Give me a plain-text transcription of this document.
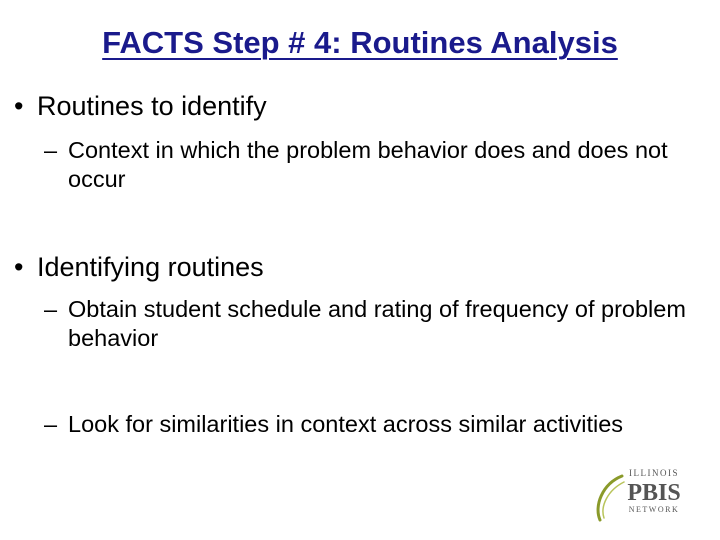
FACTS Step # 4: Routines Analysis
• Routines to identify
– Context in which the problem behavior does and does not occur
• Identifying routines
– Obtain student schedule and rating of frequency of problem behavior
– Look for similarities in context across similar activities
ILLINOIS
PBIS
NETWORK
